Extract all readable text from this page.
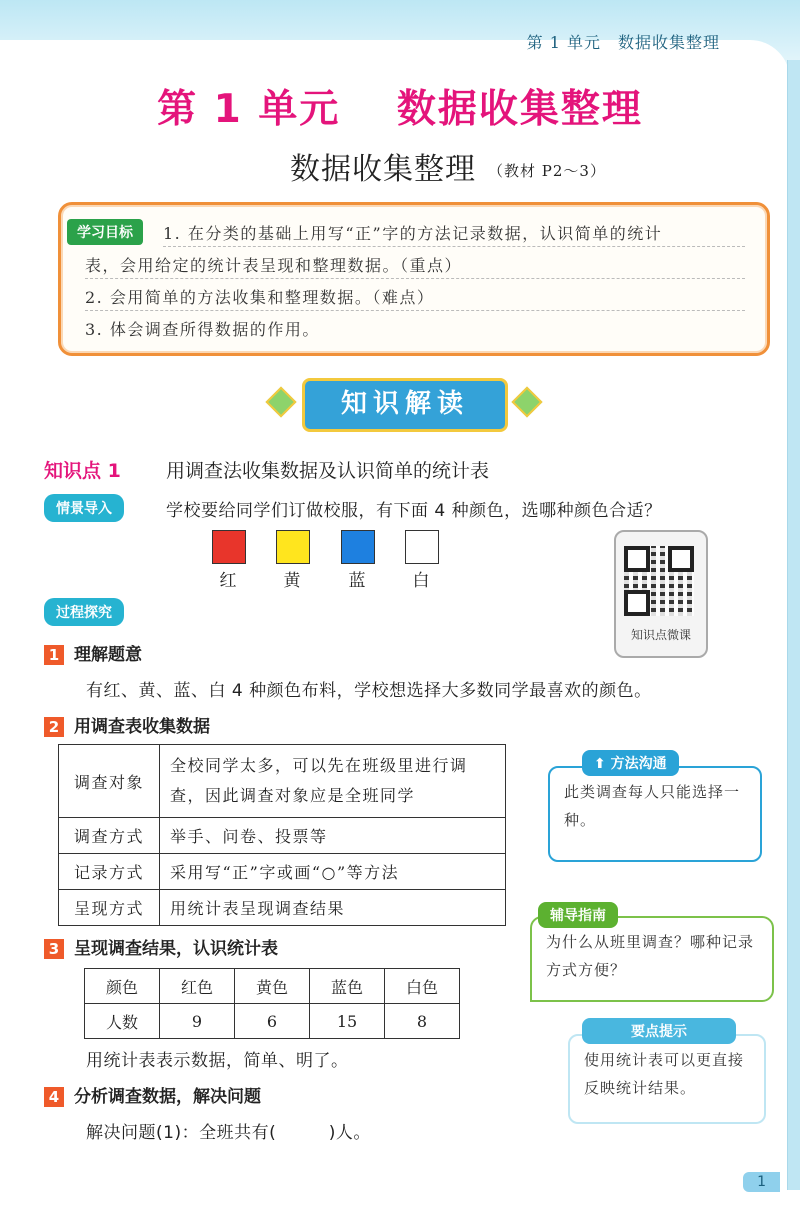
第 1 单元　数据收集整理
第 1 单元　 数据收集整理
数据收集整理 （教材 P2～3）
学习目标	1. 在分类的基础上用写“正”字的方法记录数据，认识简单的统计
表，会用给定的统计表呈现和整理数据。（重点）
2. 会用简单的方法收集和整理数据。（难点）
3. 体会调查所得数据的作用。
知识解读
知识点 1 用调查法收集数据及认识简单的统计表
情景导入	学校要给同学们订做校服，有下面 4 种颜色，选哪种颜色合适？
红	黄	蓝	白
知识点微课
过程探究
1 理解题意
有红、黄、蓝、白 4 种颜色布料，学校想选择大多数同学最喜欢的颜色。
2 用调查表收集数据
调查对象	全校同学太多，可以先在班级里进行调查，因此调查对象应是全班同学
调查方式	举手、问卷、投票等
记录方式	采用写“正”字或画“○”等方法
呈现方式	用统计表呈现调查结果
此类调查每人只能选择一种。
⬆ 方法沟通
为什么从班里调查？哪种记录方式方便？
辅导指南
使用统计表可以更直接反映统计结果。
要点提示
3 呈现调查结果，认识统计表
颜色	红色	黄色	蓝色	白色
人数	9	6	15	8
用统计表表示数据，简单、明了。
4 分析调查数据，解决问题
解决问题(1)：全班共有(　　　)人。
1
